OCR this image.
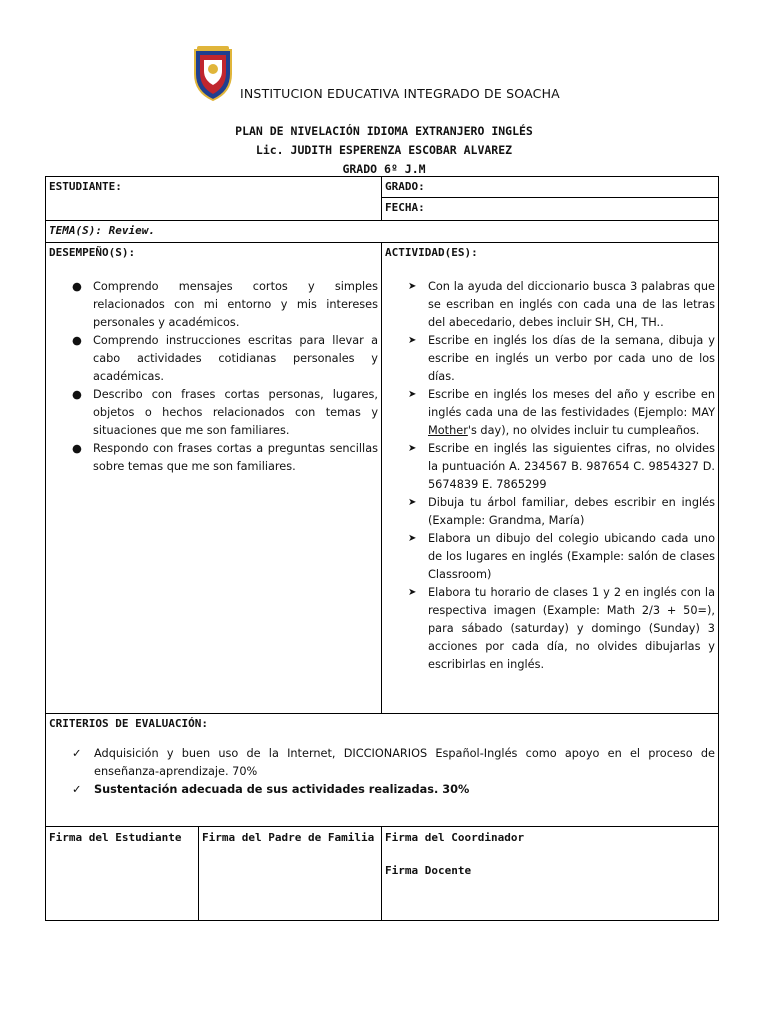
INSTITUCION EDUCATIVA INTEGRADO DE SOACHA
PLAN DE NIVELACIÓN IDIOMA EXTRANJERO INGLÉS
Lic. JUDITH ESPERENZA ESCOBAR ALVAREZ
GRADO 6º J.M
ESTUDIANTE:	GRADO:
FECHA:
TEMA(S): Review.
DESEMPEÑO(S):
● Comprendo mensajes cortos y simples relacionados con mi entorno y mis intereses personales y académicos.
● Comprendo instrucciones escritas para llevar a cabo actividades cotidianas personales y académicas.
● Describo con frases cortas personas, lugares, objetos o hechos relacionados con temas y situaciones que me son familiares.
● Respondo con frases cortas a preguntas sencillas sobre temas que me son familiares.
ACTIVIDAD(ES):
➤ Con la ayuda del diccionario busca 3 palabras que se escriban en inglés con cada una de las letras del abecedario, debes incluir SH, CH, TH..
➤ Escribe en inglés los días de la semana, dibuja y escribe en inglés un verbo por cada uno de los días.
➤ Escribe en inglés los meses del año y escribe en inglés cada una de las festividades (Ejemplo: MAY Mother's day), no olvides incluir tu cumpleaños.
➤ Escribe en inglés las siguientes cifras, no olvides la puntuación A. 234567 B. 987654 C. 9854327 D. 5674839 E. 7865299
➤ Dibuja tu árbol familiar, debes escribir en inglés (Example: Grandma, María)
➤ Elabora un dibujo del colegio ubicando cada uno de los lugares en inglés (Example: salón de clases Classroom)
➤ Elabora tu horario de clases 1 y 2 en inglés con la respectiva imagen (Example: Math 2/3 + 50=), para sábado (saturday) y domingo (Sunday) 3 acciones por cada día, no olvides dibujarlas y escribirlas en inglés.
CRITERIOS DE EVALUACIÓN:
✓ Adquisición y buen uso de la Internet, DICCIONARIOS Español-Inglés como apoyo en el proceso de enseñanza-aprendizaje. 70%
✓ Sustentación adecuada de sus actividades realizadas. 30%
Firma del Estudiante	Firma del Padre de Familia Firma del Coordinador
Firma Docente
